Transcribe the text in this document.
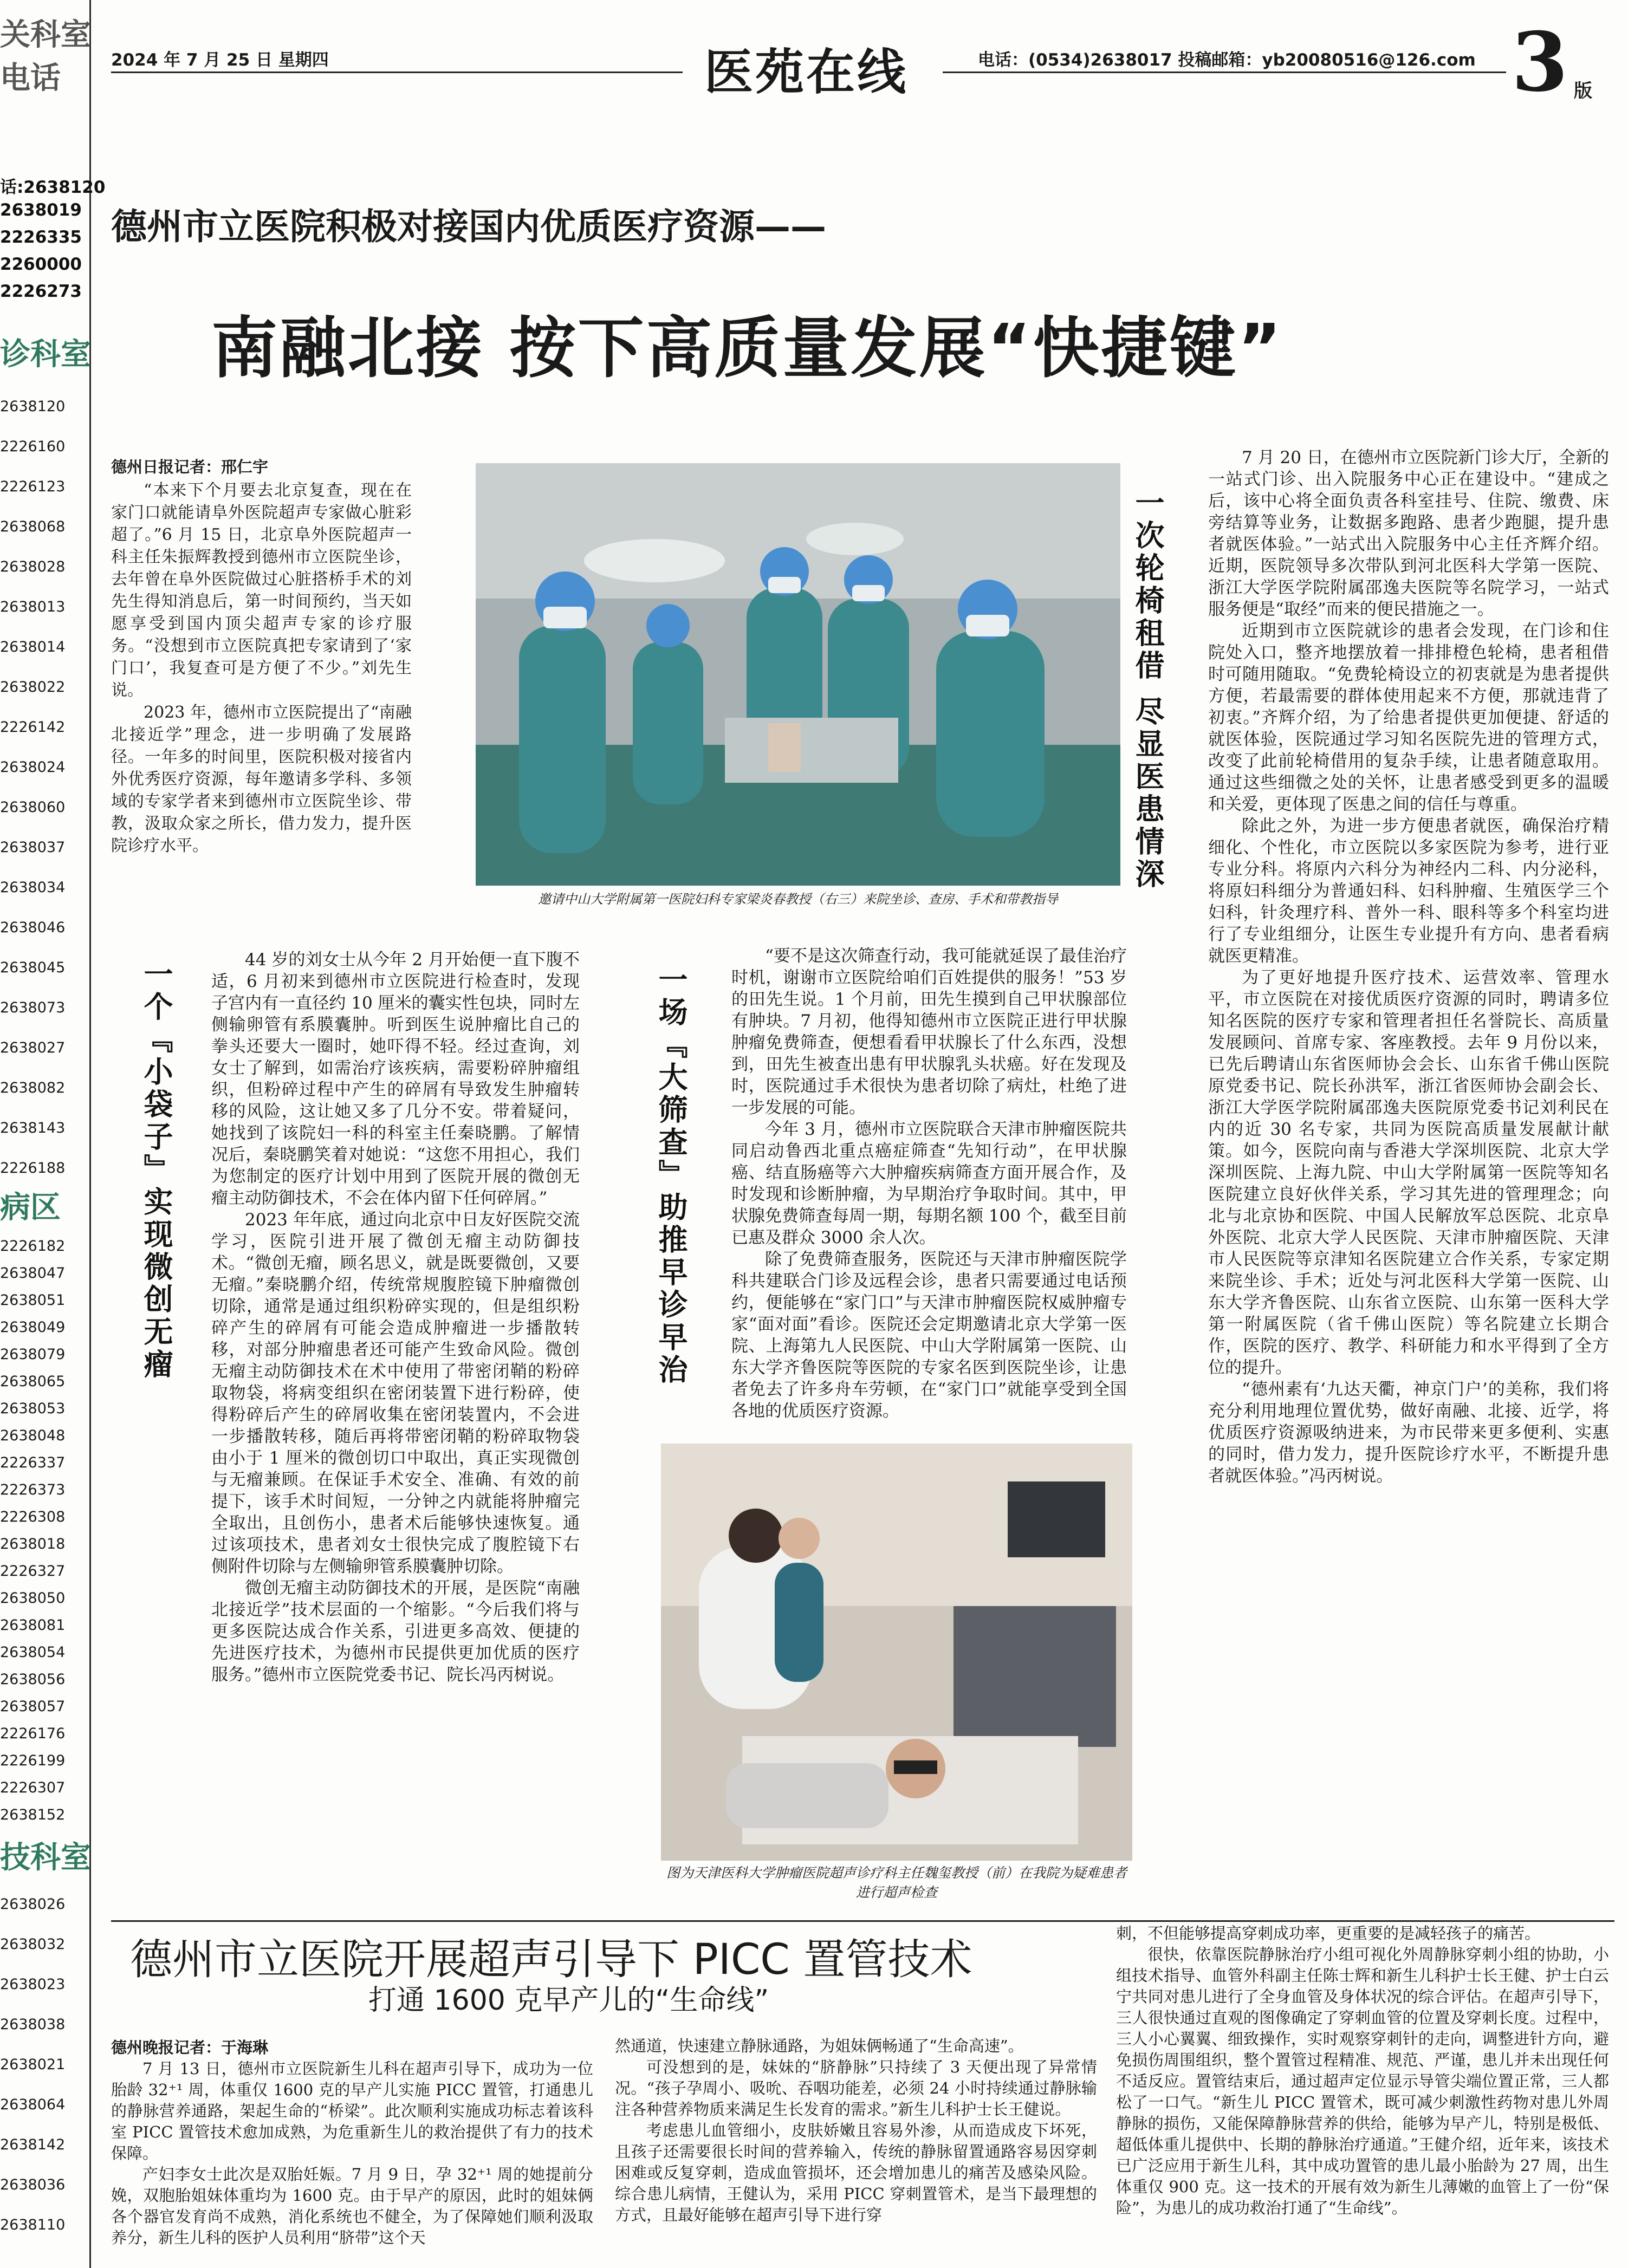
关科室
电话
话:2638120
2638019
2226335
2260000
2226273
诊科室
2638120
2226160
2226123
2638068
2638028
2638013
2638014
2638022
2226142
2638024
2638060
2638037
2638034
2638046
2638045
2638073
2638027
2638082
2638143
2226188
病区
2226182
2638047
2638051
2638049
2638079
2638065
2638053
2638048
2226337
2226373
2226308
2638018
2226327
2638050
2638081
2638054
2638056
2638057
2226176
2226199
2226307
2638152
技科室
2638026
2638032
2638023
2638038
2638021
2638064
2638142
2638036
2638110
2024 年 7 月 25 日 星期四	医苑在线	电话：(0534)2638017 投稿邮箱：yb20080516@126.com 3 版
德州市立医院积极对接国内优质医疗资源——
南融北接 按下高质量发展“快捷键”
德州日报记者：邢仁宇

“本来下个月要去北京复查，现在在家门口就能请阜外医院超声专家做心脏彩超了。”6 月 15 日，北京阜外医院超声一科主任朱振辉教授到德州市立医院坐诊，去年曾在阜外医院做过心脏搭桥手术的刘先生得知消息后，第一时间预约，当天如愿享受到国内顶尖超声专家的诊疗服务。“没想到市立医院真把专家请到了‘家门口’，我复查可是方便了不少。”刘先生说。

2023 年，德州市立医院提出了“南融北接近学”理念，进一步明确了发展路径。一年多的时间里，医院积极对接省内外优秀医疗资源，每年邀请多学科、多领域的专家学者来到德州市立医院坐诊、带教，汲取众家之所长，借力发力，提升医院诊疗水平。

邀请中山大学附属第一医院妇科专家梁炎春教授（右三）来院坐诊、查房、手术和带教指导
一个『小袋子』实现微创无瘤	44 岁的刘女士从今年 2 月开始便一直下腹不适，6 月初来到德州市立医院进行检查时，发现子宫内有一直径约 10 厘米的囊实性包块，同时左侧输卵管有系膜囊肿。听到医生说肿瘤比自己的拳头还要大一圈时，她吓得不轻。经过查询，刘女士了解到，如需治疗该疾病，需要粉碎肿瘤组织，但粉碎过程中产生的碎屑有导致发生肿瘤转移的风险，这让她又多了几分不安。带着疑问，她找到了该院妇一科的科室主任秦晓鹏。了解情况后，秦晓鹏笑着对她说：“这您不用担心，我们为您制定的医疗计划中用到了医院开展的微创无瘤主动防御技术，不会在体内留下任何碎屑。”

2023 年年底，通过向北京中日友好医院交流学习，医院引进开展了微创无瘤主动防御技术。“微创无瘤，顾名思义，就是既要微创，又要无瘤。”秦晓鹏介绍，传统常规腹腔镜下肿瘤微创切除，通常是通过组织粉碎实现的，但是组织粉碎产生的碎屑有可能会造成肿瘤进一步播散转移，对部分肿瘤患者还可能产生致命风险。微创无瘤主动防御技术在术中使用了带密闭鞘的粉碎取物袋，将病变组织在密闭装置下进行粉碎，使得粉碎后产生的碎屑收集在密闭装置内，不会进一步播散转移，随后再将带密闭鞘的粉碎取物袋由小于 1 厘米的微创切口中取出，真正实现微创与无瘤兼顾。在保证手术安全、准确、有效的前提下，该手术时间短，一分钟之内就能将肿瘤完全取出，且创伤小，患者术后能够快速恢复。通过该项技术，患者刘女士很快完成了腹腔镜下右侧附件切除与左侧输卵管系膜囊肿切除。

微创无瘤主动防御技术的开展，是医院“南融北接近学”技术层面的一个缩影。“今后我们将与更多医院达成合作关系，引进更多高效、便捷的先进医疗技术，为德州市民提供更加优质的医疗服务。”德州市立医院党委书记、院长冯丙树说。

一场『大筛查』助推早诊早治

“要不是这次筛查行动，我可能就延误了最佳治疗时机，谢谢市立医院给咱们百姓提供的服务！”53 岁的田先生说。1 个月前，田先生摸到自己甲状腺部位有肿块。7 月初，他得知德州市立医院正进行甲状腺肿瘤免费筛查，便想看看甲状腺长了什么东西，没想到，田先生被查出患有甲状腺乳头状癌。好在发现及时，医院通过手术很快为患者切除了病灶，杜绝了进一步发展的可能。

今年 3 月，德州市立医院联合天津市肿瘤医院共同启动鲁西北重点癌症筛查“先知行动”，在甲状腺癌、结直肠癌等六大肿瘤疾病筛查方面开展合作，及时发现和诊断肿瘤，为早期治疗争取时间。其中，甲状腺免费筛查每周一期，每期名额 100 个，截至目前已惠及群众 3000 余人次。

除了免费筛查服务，医院还与天津市肿瘤医院学科共建联合门诊及远程会诊，患者只需要通过电话预约，便能够在“家门口”与天津市肿瘤医院权威肿瘤专家“面对面”看诊。医院还会定期邀请北京大学第一医院、上海第九人民医院、中山大学附属第一医院、山东大学齐鲁医院等医院的专家名医到医院坐诊，让患者免去了许多舟车劳顿，在“家门口”就能享受到全国各地的优质医疗资源。

图为天津医科大学肿瘤医院超声诊疗科主任魏玺教授（前）在我院为疑难患者进行超声检查
一次轮椅租借 尽显医患情深

7 月 20 日，在德州市立医院新门诊大厅，全新的一站式门诊、出入院服务中心正在建设中。“建成之后，该中心将全面负责各科室挂号、住院、缴费、床旁结算等业务，让数据多跑路、患者少跑腿，提升患者就医体验。”一站式出入院服务中心主任齐辉介绍。近期，医院领导多次带队到河北医科大学第一医院、浙江大学医学院附属邵逸夫医院等名院学习，一站式服务便是“取经”而来的便民措施之一。

近期到市立医院就诊的患者会发现，在门诊和住院处入口，整齐地摆放着一排排橙色轮椅，患者租借时可随用随取。“免费轮椅设立的初衷就是为患者提供方便，若最需要的群体使用起来不方便，那就违背了初衷。”齐辉介绍，为了给患者提供更加便捷、舒适的就医体验，医院通过学习知名医院先进的管理方式，改变了此前轮椅借用的复杂手续，让患者随意取用。通过这些细微之处的关怀，让患者感受到更多的温暖和关爱，更体现了医患之间的信任与尊重。

除此之外，为进一步方便患者就医，确保治疗精细化、个性化，市立医院以多家医院为参考，进行亚专业分科。将原内六科分为神经内二科、内分泌科，将原妇科细分为普通妇科、妇科肿瘤、生殖医学三个妇科，针灸理疗科、普外一科、眼科等多个科室均进行了专业组细分，让医生专业提升有方向、患者看病就医更精准。

为了更好地提升医疗技术、运营效率、管理水平，市立医院在对接优质医疗资源的同时，聘请多位知名医院的医疗专家和管理者担任名誉院长、高质量发展顾问、首席专家、客座教授。去年 9 月份以来，已先后聘请山东省医师协会会长、山东省千佛山医院原党委书记、院长孙洪军，浙江省医师协会副会长、浙江大学医学院附属邵逸夫医院原党委书记刘利民在内的近 30 名专家，共同为医院高质量发展献计献策。如今，医院向南与香港大学深圳医院、北京大学深圳医院、上海九院、中山大学附属第一医院等知名医院建立良好伙伴关系，学习其先进的管理理念；向北与北京协和医院、中国人民解放军总医院、北京阜外医院、北京大学人民医院、天津市肿瘤医院、天津市人民医院等京津知名医院建立合作关系，专家定期来院坐诊、手术；近处与河北医科大学第一医院、山东大学齐鲁医院、山东省立医院、山东第一医科大学第一附属医院（省千佛山医院）等名院建立长期合作，医院的医疗、教学、科研能力和水平得到了全方位的提升。

“德州素有‘九达天衢，神京门户’的美称，我们将充分利用地理位置优势，做好南融、北接、近学，将优质医疗资源吸纳进来，为市民带来更多便利、实惠的同时，借力发力，提升医院诊疗水平，不断提升患者就医体验。”冯丙树说。

德州市立医院开展超声引导下 PICC 置管技术
打通 1600 克早产儿的“生命线”
德州晚报记者：于海琳

7 月 13 日，德州市立医院新生儿科在超声引导下，成功为一位胎龄 32⁺¹ 周，体重仅 1600 克的早产儿实施 PICC 置管，打通患儿的静脉营养通路，架起生命的“桥梁”。此次顺利实施成功标志着该科室 PICC 置管技术愈加成熟，为危重新生儿的救治提供了有力的技术保障。

产妇李女士此次是双胎妊娠。7 月 9 日，孕 32⁺¹ 周的她提前分娩，双胞胎姐妹体重均为 1600 克。由于早产的原因，此时的姐妹俩各个器官发育尚不成熟，消化系统也不健全，为了保障她们顺利汲取养分，新生儿科的医护人员利用“脐带”这个天

然通道，快速建立静脉通路，为姐妹俩畅通了“生命高速”。

可没想到的是，妹妹的“脐静脉”只持续了 3 天便出现了异常情况。“孩子孕周小、吸吮、吞咽功能差，必须 24 小时持续通过静脉输注各种营养物质来满足生长发育的需求。”新生儿科护士长王健说。

考虑患儿血管细小，皮肤娇嫩且容易外渗，从而造成皮下坏死，且孩子还需要很长时间的营养输入，传统的静脉留置通路容易因穿刺困难或反复穿刺，造成血管损坏，还会增加患儿的痛苦及感染风险。综合患儿病情，王健认为，采用 PICC 穿刺置管术，是当下最理想的方式，且最好能够在超声引导下进行穿

刺，不但能够提高穿刺成功率，更重要的是减轻孩子的痛苦。

很快，依靠医院静脉治疗小组可视化外周静脉穿刺小组的协助，小组技术指导、血管外科副主任陈士辉和新生儿科护士长王健、护士白云宁共同对患儿进行了全身血管及身体状况的综合评估。在超声引导下，三人很快通过直观的图像确定了穿刺血管的位置及穿刺长度。过程中，三人小心翼翼、细致操作，实时观察穿刺针的走向，调整进针方向，避免损伤周围组织，整个置管过程精准、规范、严谨，患儿并未出现任何不适反应。置管结束后，通过超声定位显示导管尖端位置正常，三人都松了一口气。“新生儿 PICC 置管术，既可减少刺激性药物对患儿外周静脉的损伤，又能保障静脉营养的供给，能够为早产儿，特别是极低、超低体重儿提供中、长期的静脉治疗通道。”王健介绍，近年来，该技术已广泛应用于新生儿科，其中成功置管的患儿最小胎龄为 27 周，出生体重仅 900 克。这一技术的开展有效为新生儿薄嫩的血管上了一份“保险”，为患儿的成功救治打通了“生命线”。
